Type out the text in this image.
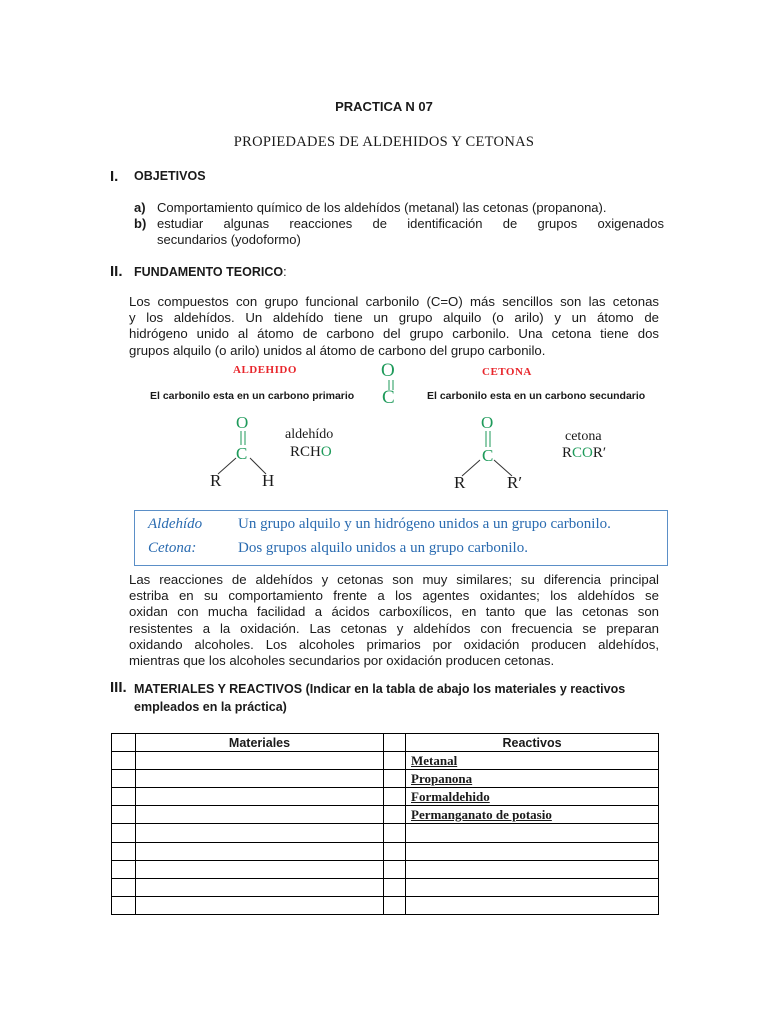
PRACTICA N 07
PROPIEDADES DE ALDEHIDOS Y CETONAS
I. OBJETIVOS
a) Comportamiento químico de los aldehídos (metanal) las cetonas (propanona).
b) estudiar algunas reacciones de identificación de grupos oxigenados
secundarios (yodoformo)
II. FUNDAMENTO TEORICO:
Los compuestos con grupo funcional carbonilo (C=O) más sencillos son las cetonas
y los aldehídos. Un aldehído tiene un grupo alquilo (o arilo) y un átomo de
hidrógeno unido al átomo de carbono del grupo carbonilo. Una cetona tiene dos
grupos alquilo (o arilo) unidos al átomo de carbono del grupo carbonilo.
ALDEHIDO	CETONA
O
C
El carbonilo esta en un carbono primario	El carbonilo esta en un carbono secundario
O
C
R H
aldehído
RCHO
O
C
R R′
cetona
RCOR′
Aldehído Un grupo alquilo y un hidrógeno unidos a un grupo carbonilo.
Cetona:	Dos grupos alquilo unidos a un grupo carbonilo.
Las reacciones de aldehídos y cetonas son muy similares; su diferencia principal
estriba en su comportamiento frente a los agentes oxidantes; los aldehídos se
oxidan con mucha facilidad a ácidos carboxílicos, en tanto que las cetonas son
resistentes a la oxidación. Las cetonas y aldehídos con frecuencia se preparan
oxidando alcoholes. Los alcoholes primarios por oxidación producen aldehídos,
mientras que los alcoholes secundarios por oxidación producen cetonas.
III. MATERIALES Y REACTIVOS (Indicar en la tabla de abajo los materiales y reactivos
empleados en la práctica)
	Materiales		Reactivos
			Metanal
			Propanona
			Formaldehido
			Permanganato de potasio
